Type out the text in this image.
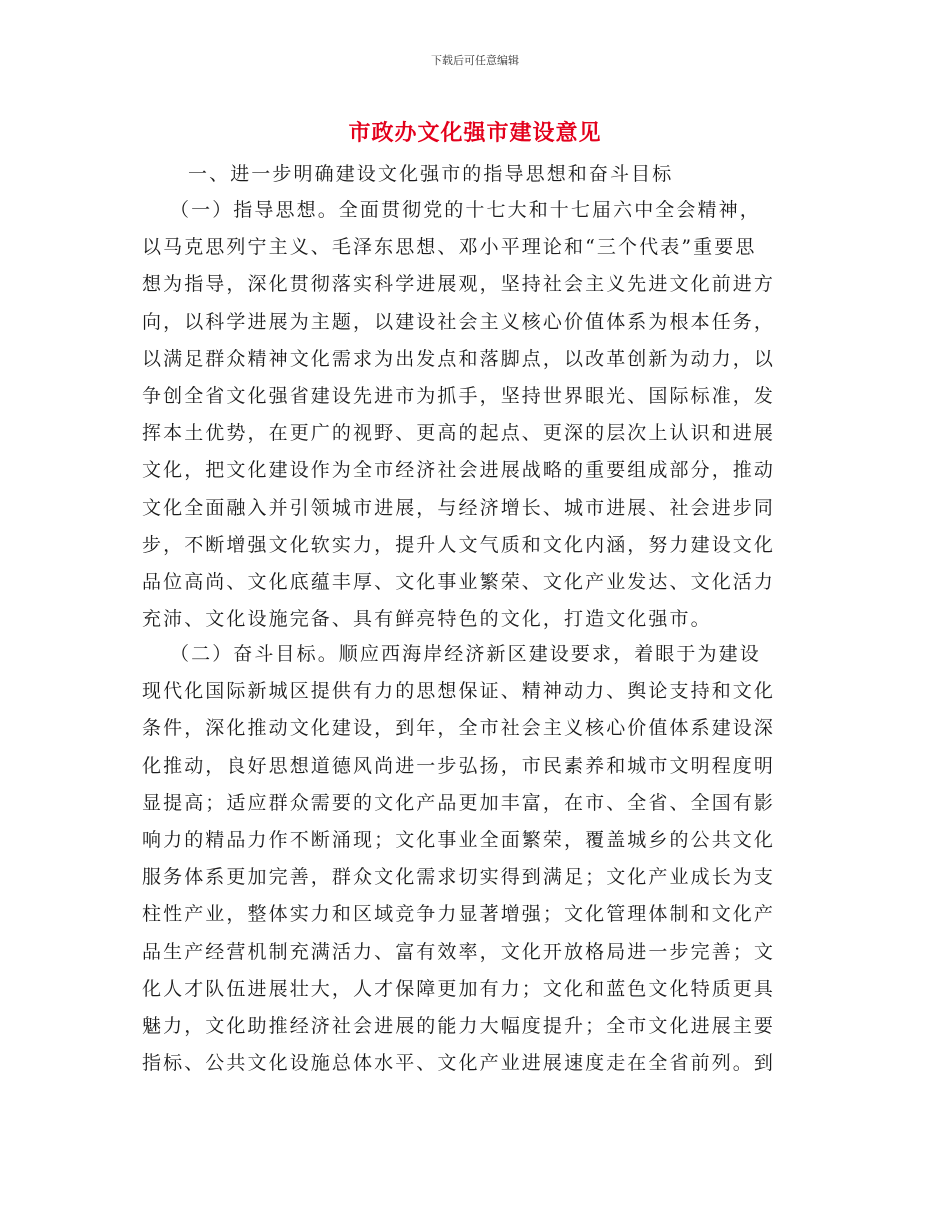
下载后可任意编辑
市政办文化强市建设意见
一、进一步明确建设文化强市的指导思想和奋斗目标
（一）指导思想。全面贯彻党的十七大和十七届六中全会精神，
以马克思列宁主义、毛泽东思想、邓小平理论和“三个代表”重要思
想为指导，深化贯彻落实科学进展观，坚持社会主义先进文化前进方
向，以科学进展为主题，以建设社会主义核心价值体系为根本任务，
以满足群众精神文化需求为出发点和落脚点，以改革创新为动力，以
争创全省文化强省建设先进市为抓手，坚持世界眼光、国际标准，发
挥本土优势，在更广的视野、更高的起点、更深的层次上认识和进展
文化，把文化建设作为全市经济社会进展战略的重要组成部分，推动
文化全面融入并引领城市进展，与经济增长、城市进展、社会进步同
步，不断增强文化软实力，提升人文气质和文化内涵，努力建设文化
品位高尚、文化底蕴丰厚、文化事业繁荣、文化产业发达、文化活力
充沛、文化设施完备、具有鲜亮特色的文化，打造文化强市。
（二）奋斗目标。顺应西海岸经济新区建设要求，着眼于为建设
现代化国际新城区提供有力的思想保证、精神动力、舆论支持和文化
条件，深化推动文化建设，到年，全市社会主义核心价值体系建设深
化推动，良好思想道德风尚进一步弘扬，市民素养和城市文明程度明
显提高；适应群众需要的文化产品更加丰富，在市、全省、全国有影
响力的精品力作不断涌现；文化事业全面繁荣，覆盖城乡的公共文化
服务体系更加完善，群众文化需求切实得到满足；文化产业成长为支
柱性产业，整体实力和区域竞争力显著增强；文化管理体制和文化产
品生产经营机制充满活力、富有效率，文化开放格局进一步完善；文
化人才队伍进展壮大，人才保障更加有力；文化和蓝色文化特质更具
魅力，文化助推经济社会进展的能力大幅度提升；全市文化进展主要
指标、公共文化设施总体水平、文化产业进展速度走在全省前列。到
